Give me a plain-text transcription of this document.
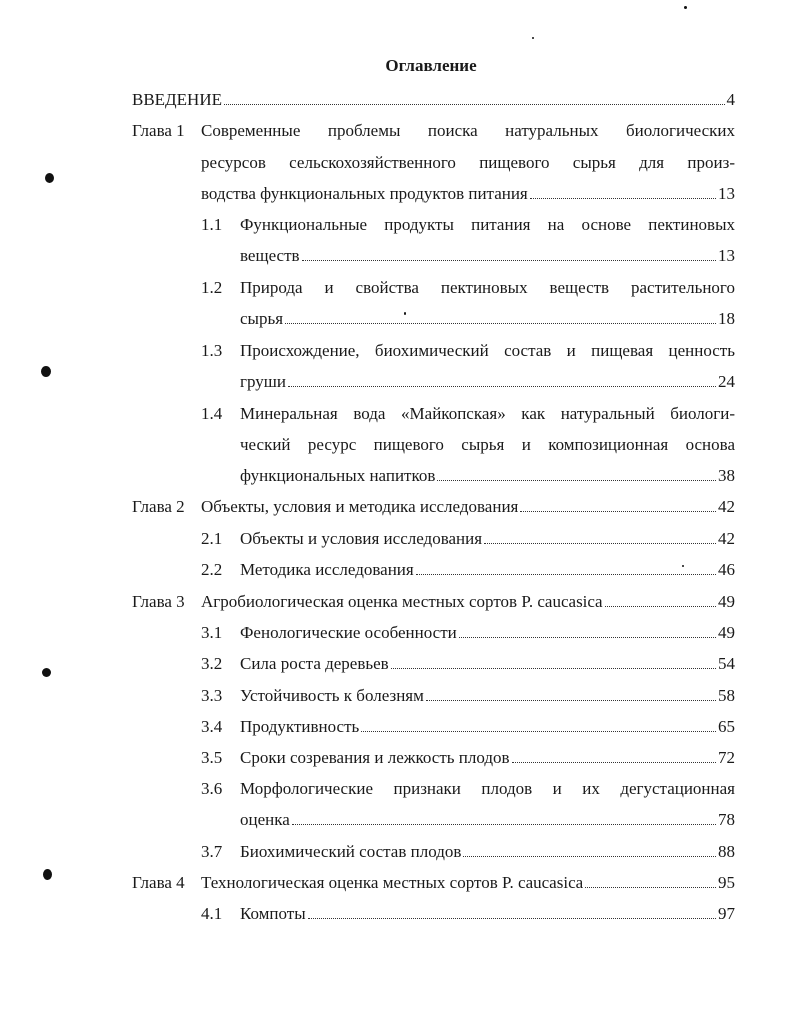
Оглавление
ВВЕДЕНИЕ	4
Глава 1 Современные проблемы поиска натуральных биологических
ресурсов сельскохозяйственного пищевого сырья для произ-
водства функциональных продуктов питания	13
1.1 Функциональные продукты питания на основе пектиновых
веществ	13
1.2 Природа и свойства пектиновых веществ растительного
сырья	18
1.3 Происхождение, биохимический состав и пищевая ценность
груши	24
1.4 Минеральная вода «Майкопская» как натуральный биологи-
ческий ресурс пищевого сырья и композиционная основа
функциональных напитков	38
Глава 2 Объекты, условия и методика исследования	42
2.1 Объекты и условия исследования	42
2.2 Методика исследования	46
Глава 3 Агробиологическая оценка местных сортов P. caucasica	49
3.1 Фенологические особенности	49
3.2 Сила роста деревьев	54
3.3 Устойчивость к болезням	58
3.4 Продуктивность	65
3.5 Сроки созревания и лежкость плодов	72
3.6 Морфологические признаки плодов и их дегустационная
оценка	78
3.7 Биохимический состав плодов	88
Глава 4 Технологическая оценка местных сортов P. caucasica	95
4.1 Компоты	97
